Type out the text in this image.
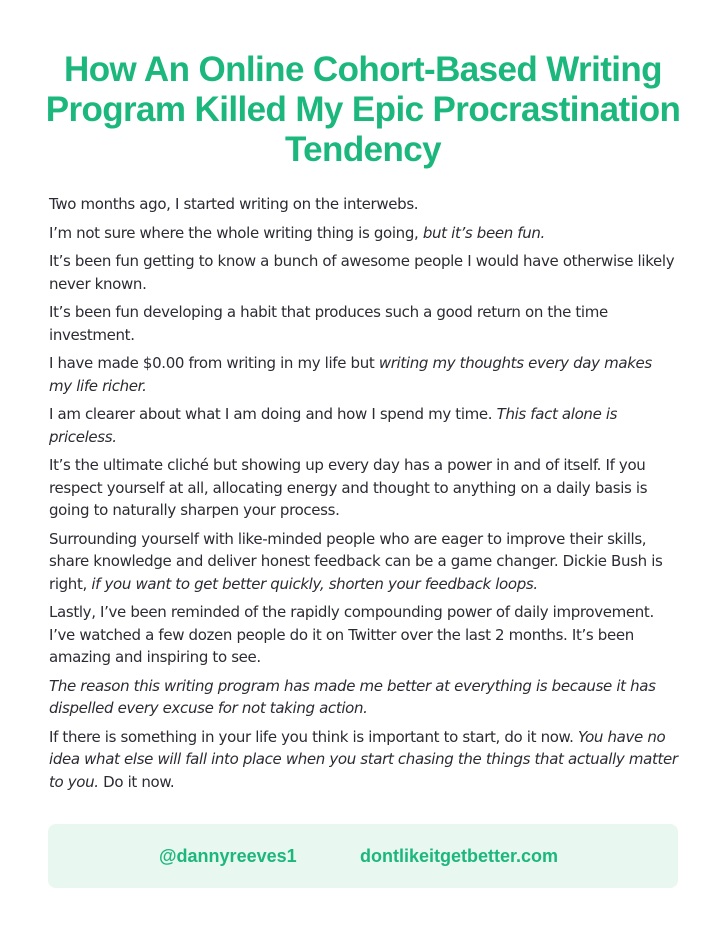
How An Online Cohort-Based Writing Program Killed My Epic Procrastination Tendency

Two months ago, I started writing on the interwebs.

I’m not sure where the whole writing thing is going, but it’s been fun.

It’s been fun getting to know a bunch of awesome people I would have otherwise likely never known.

It’s been fun developing a habit that produces such a good return on the time investment.

I have made $0.00 from writing in my life but writing my thoughts every day makes my life richer.

I am clearer about what I am doing and how I spend my time. This fact alone is priceless.

It’s the ultimate cliché but showing up every day has a power in and of itself. If you respect yourself at all, allocating energy and thought to anything on a daily basis is going to naturally sharpen your process.

Surrounding yourself with like-minded people who are eager to improve their skills, share knowledge and deliver honest feedback can be a game changer. Dickie Bush is right, if you want to get better quickly, shorten your feedback loops.

Lastly, I’ve been reminded of the rapidly compounding power of daily improvement. I’ve watched a few dozen people do it on Twitter over the last 2 months. It’s been amazing and inspiring to see.

The reason this writing program has made me better at everything is because it has dispelled every excuse for not taking action.

If there is something in your life you think is important to start, do it now. You have no idea what else will fall into place when you start chasing the things that actually matter to you. Do it now.

@dannyreeves1	dontlikeitgetbetter.com
